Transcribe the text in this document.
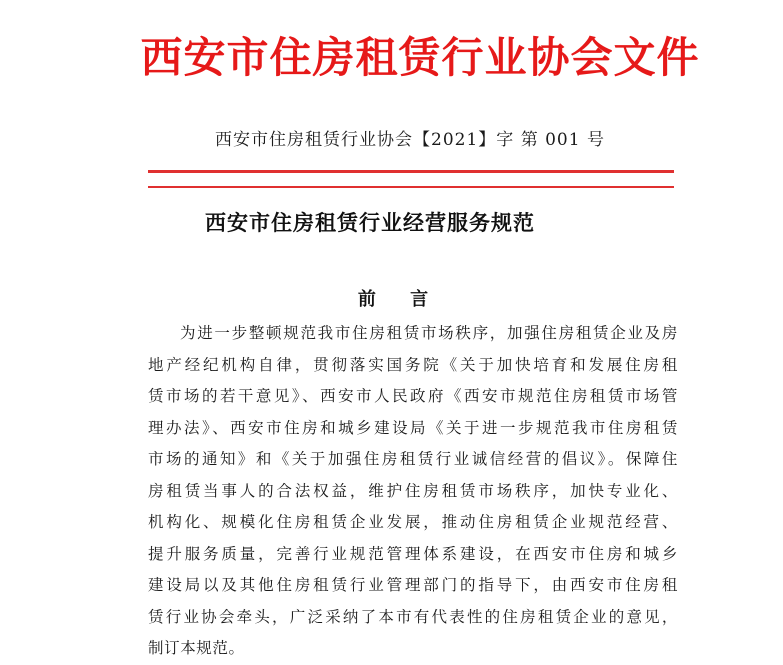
西安市住房租赁行业协会文件
西安市住房租赁行业协会【2021】字 第 001 号
西安市住房租赁行业经营服务规范
前 言
为进一步整顿规范我市住房租赁市场秩序，加强住房租赁企业及房
地产经纪机构自律，贯彻落实国务院《关于加快培育和发展住房租
赁市场的若干意见》、西安市人民政府《西安市规范住房租赁市场管
理办法》、西安市住房和城乡建设局《关于进一步规范我市住房租赁
市场的通知》和《关于加强住房租赁行业诚信经营的倡议》。保障住
房租赁当事人的合法权益，维护住房租赁市场秩序，加快专业化、
机构化、规模化住房租赁企业发展，推动住房租赁企业规范经营、
提升服务质量，完善行业规范管理体系建设，在西安市住房和城乡
建设局以及其他住房租赁行业管理部门的指导下，由西安市住房租
赁行业协会牵头，广泛采纳了本市有代表性的住房租赁企业的意见，
制订本规范。
